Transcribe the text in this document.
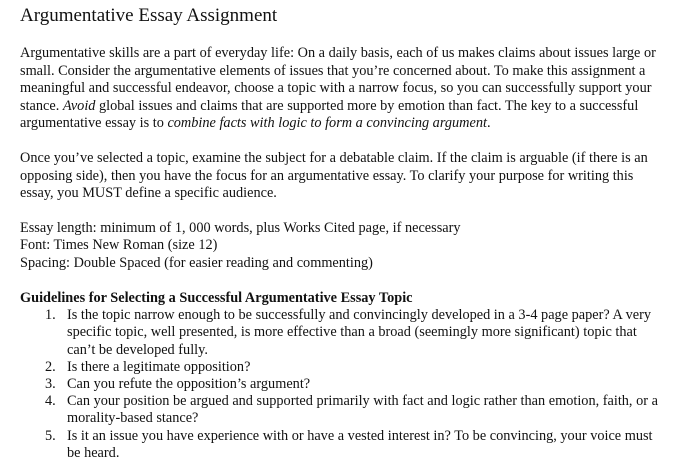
Argumentative Essay Assignment

Argumentative skills are a part of everyday life: On a daily basis, each of us makes claims about issues large or small. Consider the argumentative elements of issues that you’re concerned about. To make this assignment a meaningful and successful endeavor, choose a topic with a narrow focus, so you can successfully support your stance. Avoid global issues and claims that are supported more by emotion than fact. The key to a successful argumentative essay is to combine facts with logic to form a convincing argument.

Once you’ve selected a topic, examine the subject for a debatable claim. If the claim is arguable (if there is an opposing side), then you have the focus for an argumentative essay. To clarify your purpose for writing this essay, you MUST define a specific audience.

Essay length: minimum of 1, 000 words, plus Works Cited page, if necessary
Font: Times New Roman (size 12)
Spacing: Double Spaced (for easier reading and commenting)
Guidelines for Selecting a Successful Argumentative Essay Topic
1. Is the topic narrow enough to be successfully and convincingly developed in a 3-4 page paper? A very specific topic, well presented, is more effective than a broad (seemingly more significant) topic that can’t be developed fully.
2. Is there a legitimate opposition?
3. Can you refute the opposition’s argument?
4. Can your position be argued and supported primarily with fact and logic rather than emotion, faith, or a morality-based stance?
5. Is it an issue you have experience with or have a vested interest in? To be convincing, your voice must be heard.
